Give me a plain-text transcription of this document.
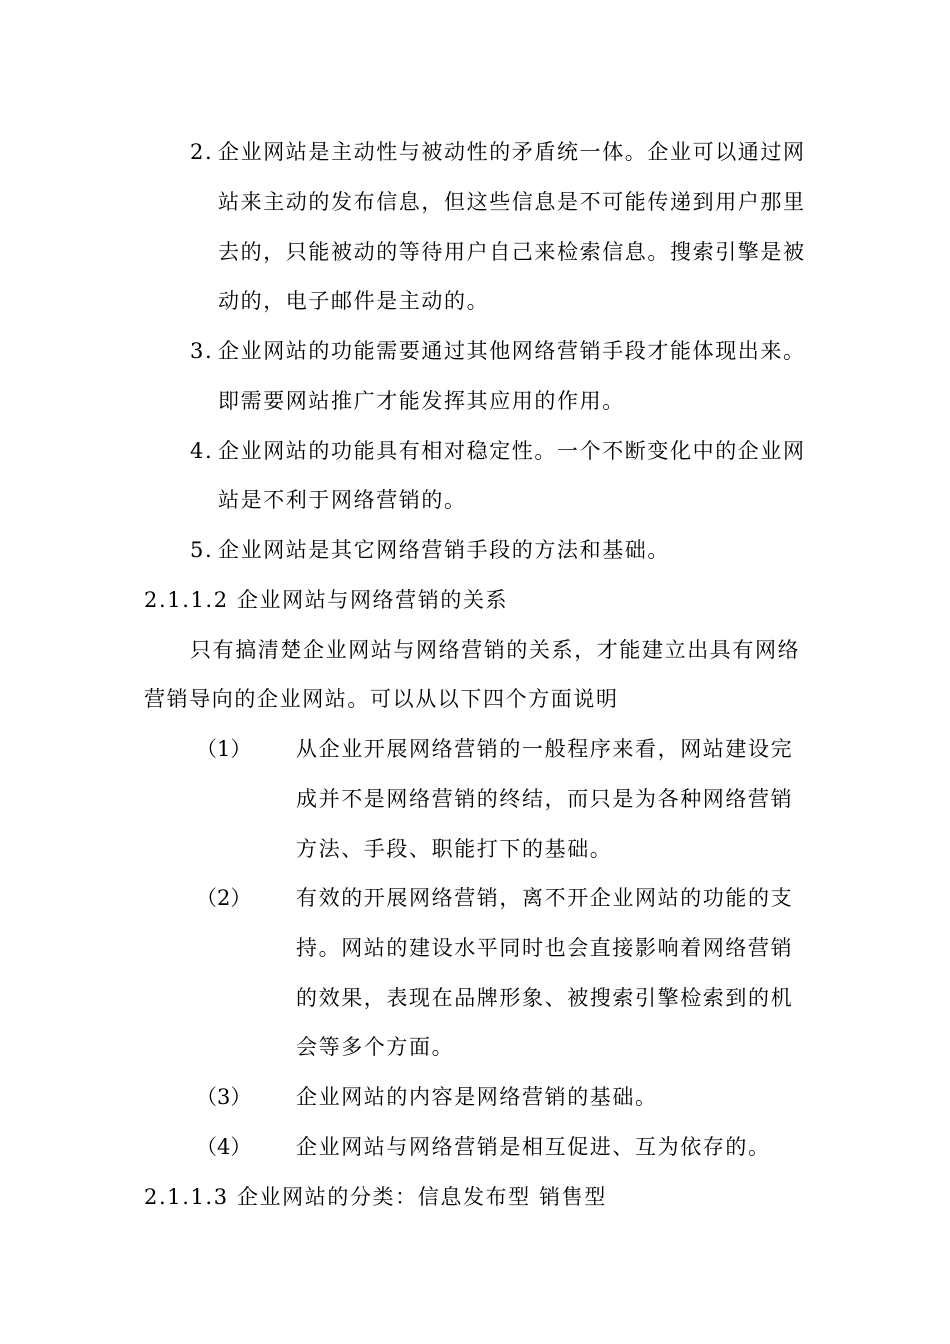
2. 企业网站是主动性与被动性的矛盾统一体。企业可以通过网
站来主动的发布信息，但这些信息是不可能传递到用户那里
去的，只能被动的等待用户自己来检索信息。搜索引擎是被
动的，电子邮件是主动的。
3. 企业网站的功能需要通过其他网络营销手段才能体现出来。
即需要网站推广才能发挥其应用的作用。
4. 企业网站的功能具有相对稳定性。一个不断变化中的企业网
站是不利于网络营销的。
5. 企业网站是其它网络营销手段的方法和基础。
2.1.1.2 企业网站与网络营销的关系
只有搞清楚企业网站与网络营销的关系，才能建立出具有网络
营销导向的企业网站。可以从以下四个方面说明
（1） 从企业开展网络营销的一般程序来看，网站建设完
成并不是网络营销的终结，而只是为各种网络营销
方法、手段、职能打下的基础。
（2） 有效的开展网络营销，离不开企业网站的功能的支
持。网站的建设水平同时也会直接影响着网络营销
的效果，表现在品牌形象、被搜索引擎检索到的机
会等多个方面。
（3） 企业网站的内容是网络营销的基础。
（4） 企业网站与网络营销是相互促进、互为依存的。
2.1.1.3 企业网站的分类：信息发布型 销售型
